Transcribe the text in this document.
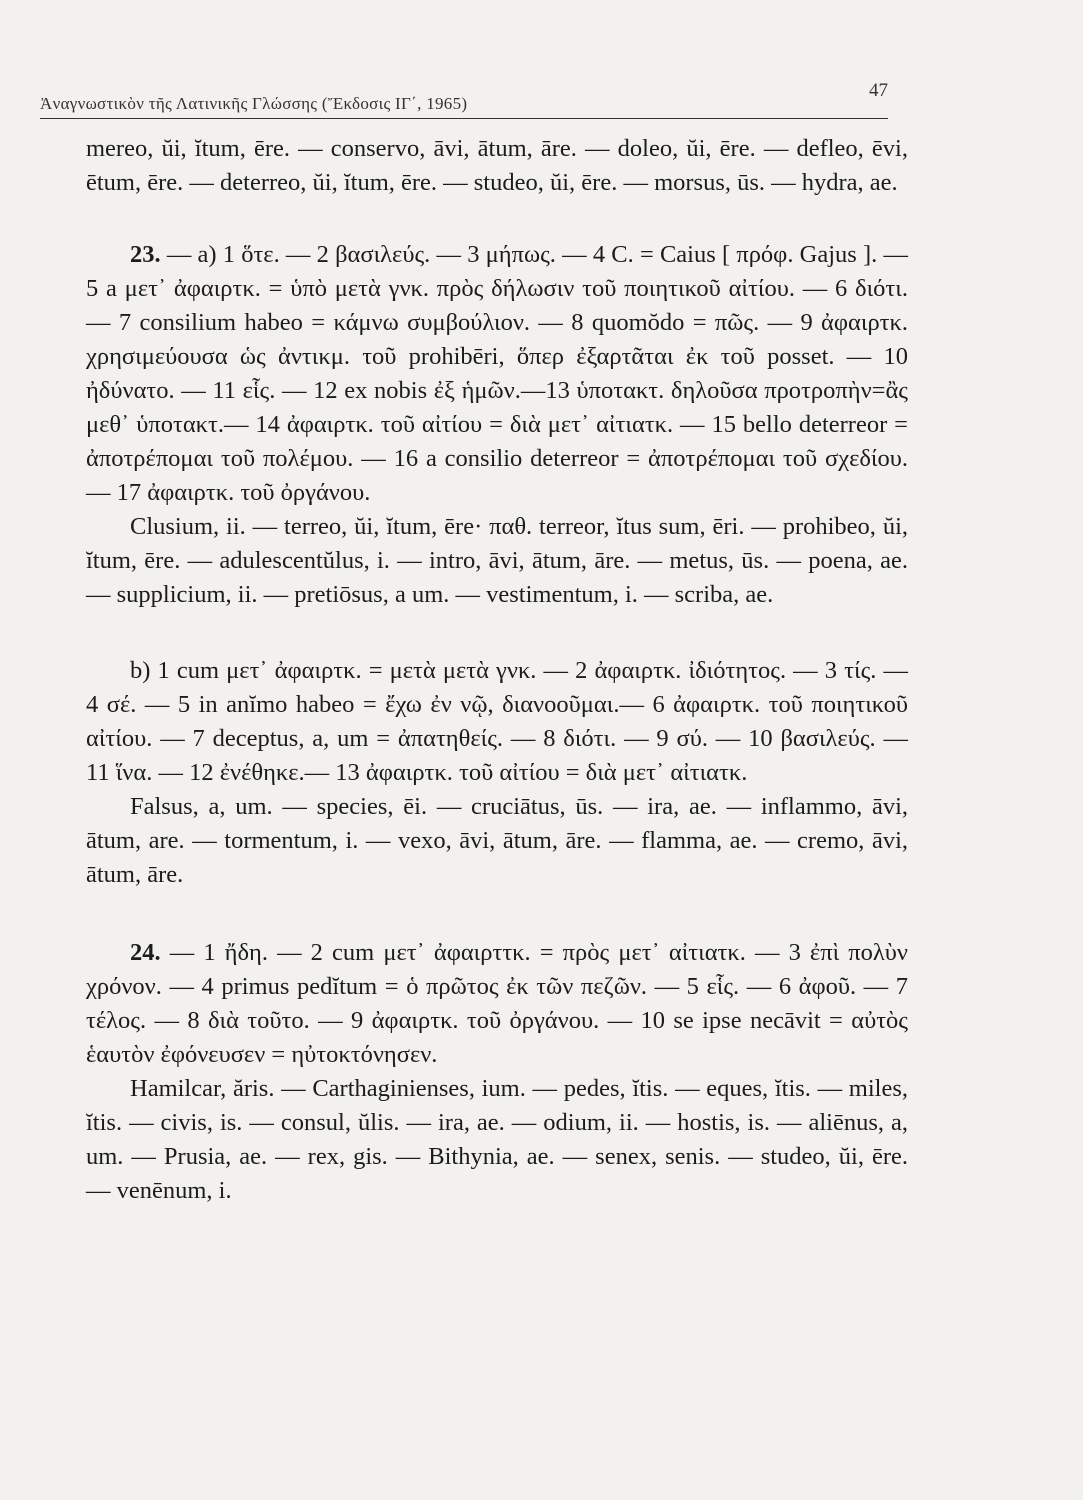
Ἀναγνωστικὸν τῆς Λατινικῆς Γλώσσης (Ἔκδοσις ΙΓ΄, 1965)
47

mereo, ŭi, ĭtum, ēre. — conservo, āvi, ātum, āre. — doleo, ŭi, ēre. — defleo, ēvi, ētum, ēre. — deterreo, ŭi, ĭtum, ēre. — studeo, ŭi, ēre. — morsus, ūs. — hydra, ae.

23. — a) 1 ὅτε. — 2 βασιλεύς. — 3 μήπως. — 4 C. = Caius [ πρόφ. Gajus ]. — 5 a μετ᾽ ἀφαιρτκ. = ὑπὸ μετὰ γνκ. πρὸς δήλωσιν τοῦ ποιητικοῦ αἰτίου. — 6 διότι. — 7 consilium habeo = κάμνω συμβούλιον. — 8 quomŏdo = πῶς. — 9 ἀφαιρτκ. χρησιμεύουσα ὡς ἀντικμ. τοῦ prohibēri, ὅπερ ἐξαρτᾶται ἐκ τοῦ posset. — 10 ἠδύνατο. — 11 εἷς. — 12 ex nobis ἐξ ἡμῶν.—13 ὑποτακτ. δηλοῦσα προτροπὴν=ἂς μεθ᾽ ὑποτακτ.— 14 ἀφαιρτκ. τοῦ αἰτίου = διὰ μετ᾽ αἰτιατκ. — 15 bello deterreor = ἀποτρέπομαι τοῦ πολέμου. — 16 a consilio deterreor = ἀποτρέπομαι τοῦ σχεδίου. — 17 ἀφαιρτκ. τοῦ ὀργάνου.

Clusium, ii. — terreo, ŭi, ĭtum, ēre· παθ. terreor, ĭtus sum, ēri. — prohibeo, ŭi, ĭtum, ēre. — adulescentŭlus, i. — intro, āvi, ātum, āre. — metus, ūs. — poena, ae. — supplicium, ii. — pretiōsus, a um. — vestimentum, i. — scriba, ae.

b) 1 cum μετ᾽ ἀφαιρτκ. = μετὰ μετὰ γνκ. — 2 ἀφαιρτκ. ἰδιότητος. — 3 τίς. — 4 σέ. — 5 in anĭmo habeo = ἔχω ἐν νῷ, διανοοῦμαι.— 6 ἀφαιρτκ. τοῦ ποιητικοῦ αἰτίου. — 7 deceptus, a, um = ἀπατηθείς. — 8 διότι. — 9 σύ. — 10 βασιλεύς. — 11 ἵνα. — 12 ἐνέθηκε.— 13 ἀφαιρτκ. τοῦ αἰτίου = διὰ μετ᾽ αἰτιατκ.

Falsus, a, um. — species, ēi. — cruciātus, ūs. — ira, ae. — inflammo, āvi, ātum, are. — tormentum, i. — vexo, āvi, ātum, āre. — flamma, ae. — cremo, āvi, ātum, āre.

24. — 1 ἤδη. — 2 cum μετ᾽ ἀφαιρττκ. = πρὸς μετ᾽ αἰτιατκ. — 3 ἐπὶ πολὺν χρόνον. — 4 primus pedĭtum = ὁ πρῶτος ἐκ τῶν πεζῶν. — 5 εἷς. — 6 ἀφοῦ. — 7 τέλος. — 8 διὰ τοῦτο. — 9 ἀφαιρτκ. τοῦ ὀργάνου. — 10 se ipse necāvit = αὐτὸς ἑαυτὸν ἐφόνευσεν = ηὐτοκτόνησεν.

Hamilcar, ăris. — Carthaginienses, ium. — pedes, ĭtis. — eques, ĭtis. — miles, ĭtis. — civis, is. — consul, ŭlis. — ira, ae. — odium, ii. — hostis, is. — aliēnus, a, um. — Prusia, ae. — rex, gis. — Bithynia, ae. — senex, senis. — studeo, ŭi, ēre. — venēnum, i.
